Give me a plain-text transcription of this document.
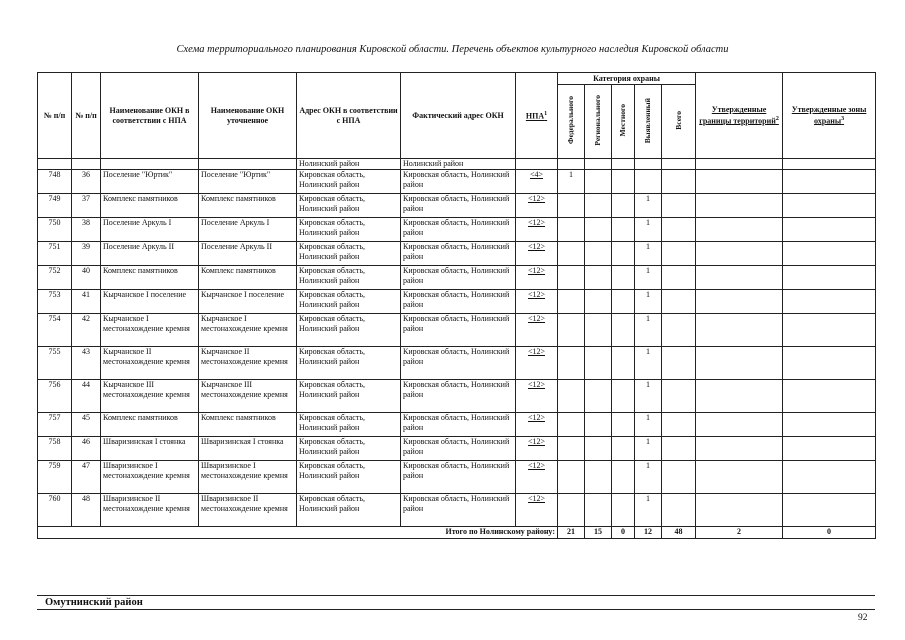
Схема территориального планирования Кировской области. Перечень объектов культурного наследия Кировской области
№ п/п	№ п/п	Наименование ОКН в соответствии с НПА	Наименование ОКН уточненное	Адрес ОКН в соответствии с НПА	Фактический адрес ОКН	НПА$^1$	Категория охраны					Утвержденные границы территорий$^2$	Утвержденные зоны охраны$^3$
							Федерального	Регионального	Местного	Выявленный	Всего		
				Нолинский район	Нолинский район								
748	36	Поселение "Юртик"	Поселение "Юртик"	Кировская область, Нолинский район	Кировская область, Нолинский район	<4>	1						
749	37	Комплекс памятников	Комплекс памятников	Кировская область, Нолинский район	Кировская область, Нолинский район	<12>				1			
750	38	Поселение Аркуль I	Поселение Аркуль I	Кировская область, Нолинский район	Кировская область, Нолинский район	<12>				1			
751	39	Поселение Аркуль II	Поселение Аркуль II	Кировская область, Нолинский район	Кировская область, Нолинский район	<12>				1			
752	40	Комплекс памятников	Комплекс памятников	Кировская область, Нолинский район	Кировская область, Нолинский район	<12>				1			
753	41	Кырчанское I поселение	Кырчанское I поселение	Кировская область, Нолинский район	Кировская область, Нолинский район	<12>				1			
754	42	Кырчанское I местонахождение кремня	Кырчанское I местонахождение кремня	Кировская область, Нолинский район	Кировская область, Нолинский район	<12>				1			
755	43	Кырчанское II местонахождение кремня	Кырчанское II местонахождение кремня	Кировская область, Нолинский район	Кировская область, Нолинский район	<12>				1			
756	44	Кырчанское III местонахождение кремня	Кырчанское III местонахождение кремня	Кировская область, Нолинский район	Кировская область, Нолинский район	<12>				1			
757	45	Комплекс памятников	Комплекс памятников	Кировская область, Нолинский район	Кировская область, Нолинский район	<12>				1			
758	46	Шваризинская I стоянка	Шваризинская I стоянка	Кировская область, Нолинский район	Кировская область, Нолинский район	<12>				1			
759	47	Шваризинское I местонахождение кремня	Шваризинское I местонахождение кремня	Кировская область, Нолинский район	Кировская область, Нолинский район	<12>				1			
760	48	Шваризинское II местонахождение кремня	Шваризинское II местонахождение кремня	Кировская область, Нолинский район	Кировская область, Нолинский район	<12>				1			
Итого по Нолинскому району:							21	15	0	12	48	2	0
Омутнинский район
92
